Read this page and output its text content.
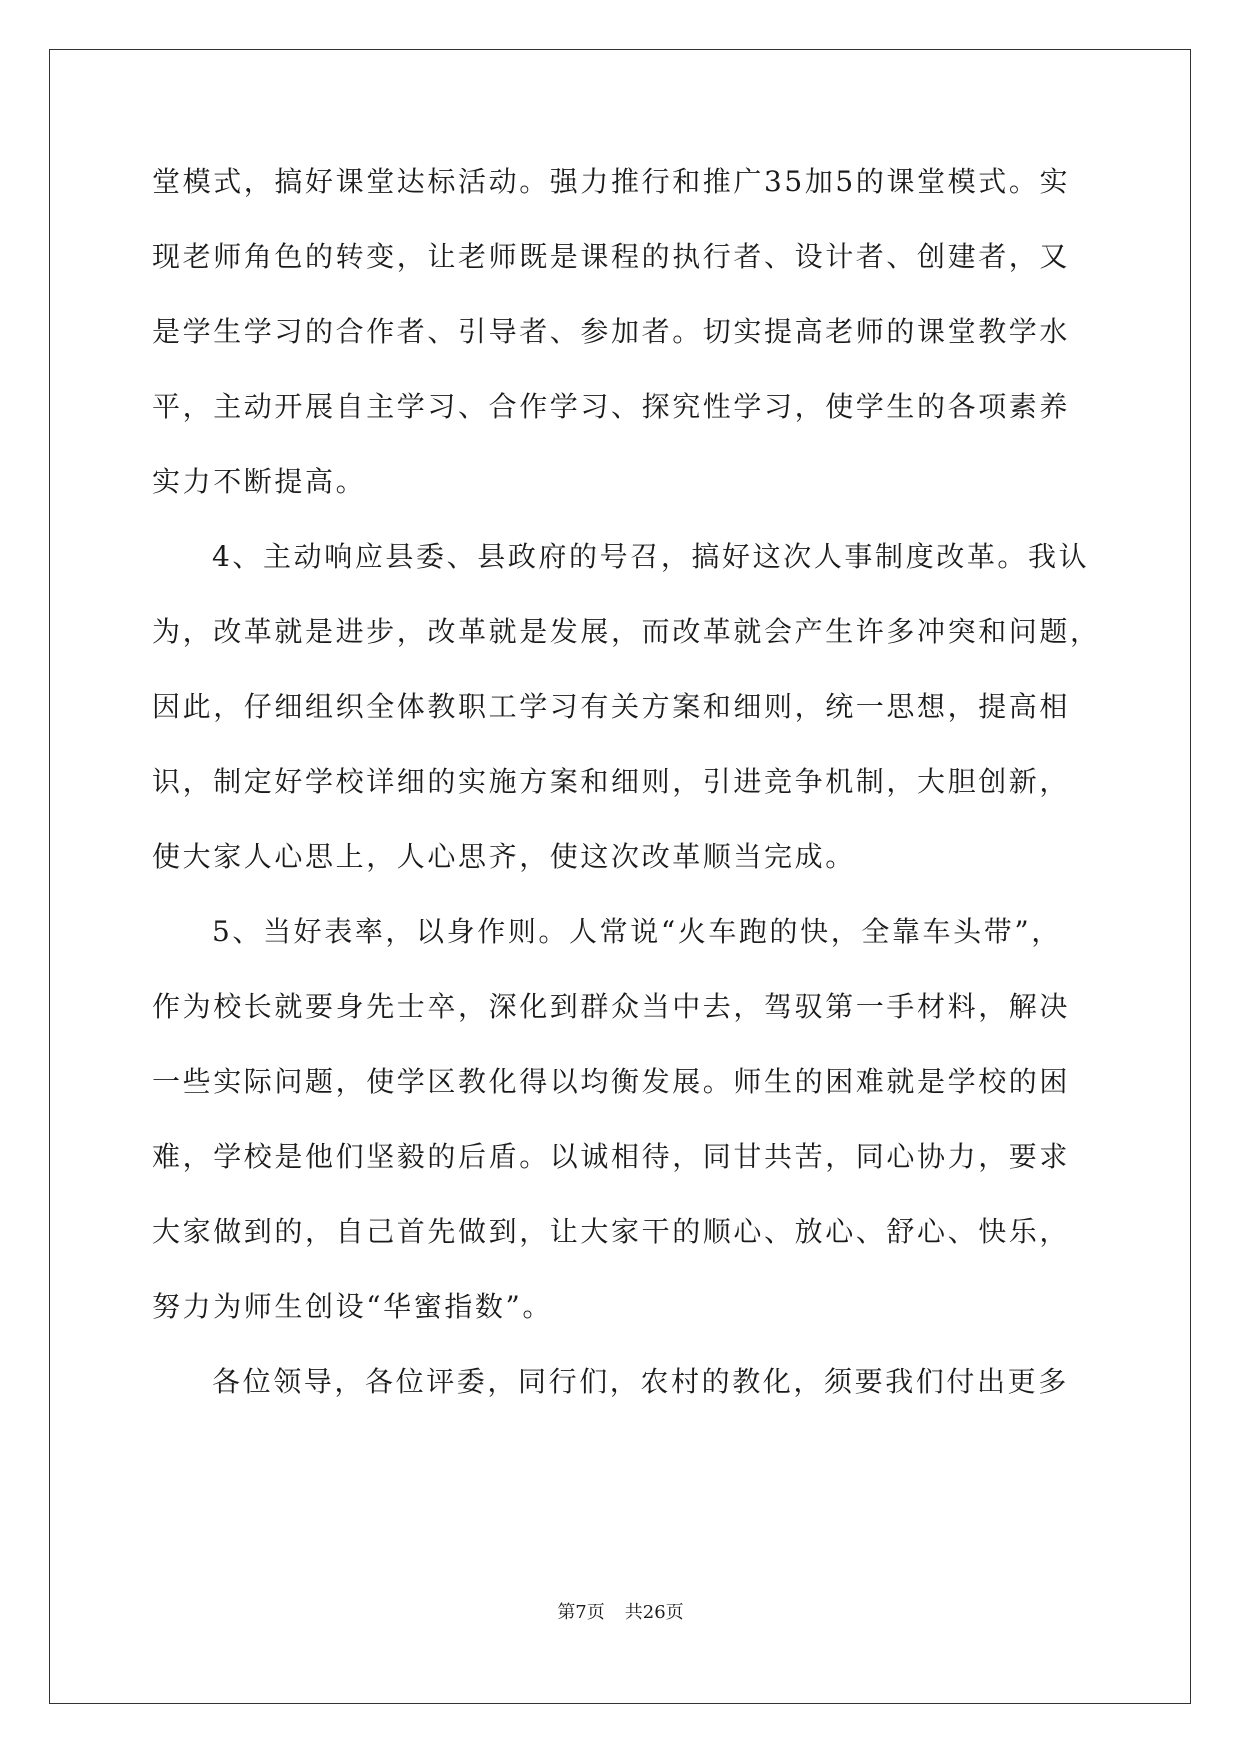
堂模式，搞好课堂达标活动。强力推行和推广35加5的课堂模式。实
现老师角色的转变，让老师既是课程的执行者、设计者、创建者，又
是学生学习的合作者、引导者、参加者。切实提高老师的课堂教学水
平，主动开展自主学习、合作学习、探究性学习，使学生的各项素养
实力不断提高。
4、主动响应县委、县政府的号召，搞好这次人事制度改革。我认
为，改革就是进步，改革就是发展，而改革就会产生许多冲突和问题，
因此，仔细组织全体教职工学习有关方案和细则，统一思想，提高相
识，制定好学校详细的实施方案和细则，引进竞争机制，大胆创新，
使大家人心思上，人心思齐，使这次改革顺当完成。
5、当好表率，以身作则。人常说“火车跑的快，全靠车头带”，
作为校长就要身先士卒，深化到群众当中去，驾驭第一手材料，解决
一些实际问题，使学区教化得以均衡发展。师生的困难就是学校的困
难，学校是他们坚毅的后盾。以诚相待，同甘共苦，同心协力，要求
大家做到的，自己首先做到，让大家干的顺心、放心、舒心、快乐，
努力为师生创设“华蜜指数”。
各位领导，各位评委，同行们，农村的教化，须要我们付出更多
第7页 共26页
